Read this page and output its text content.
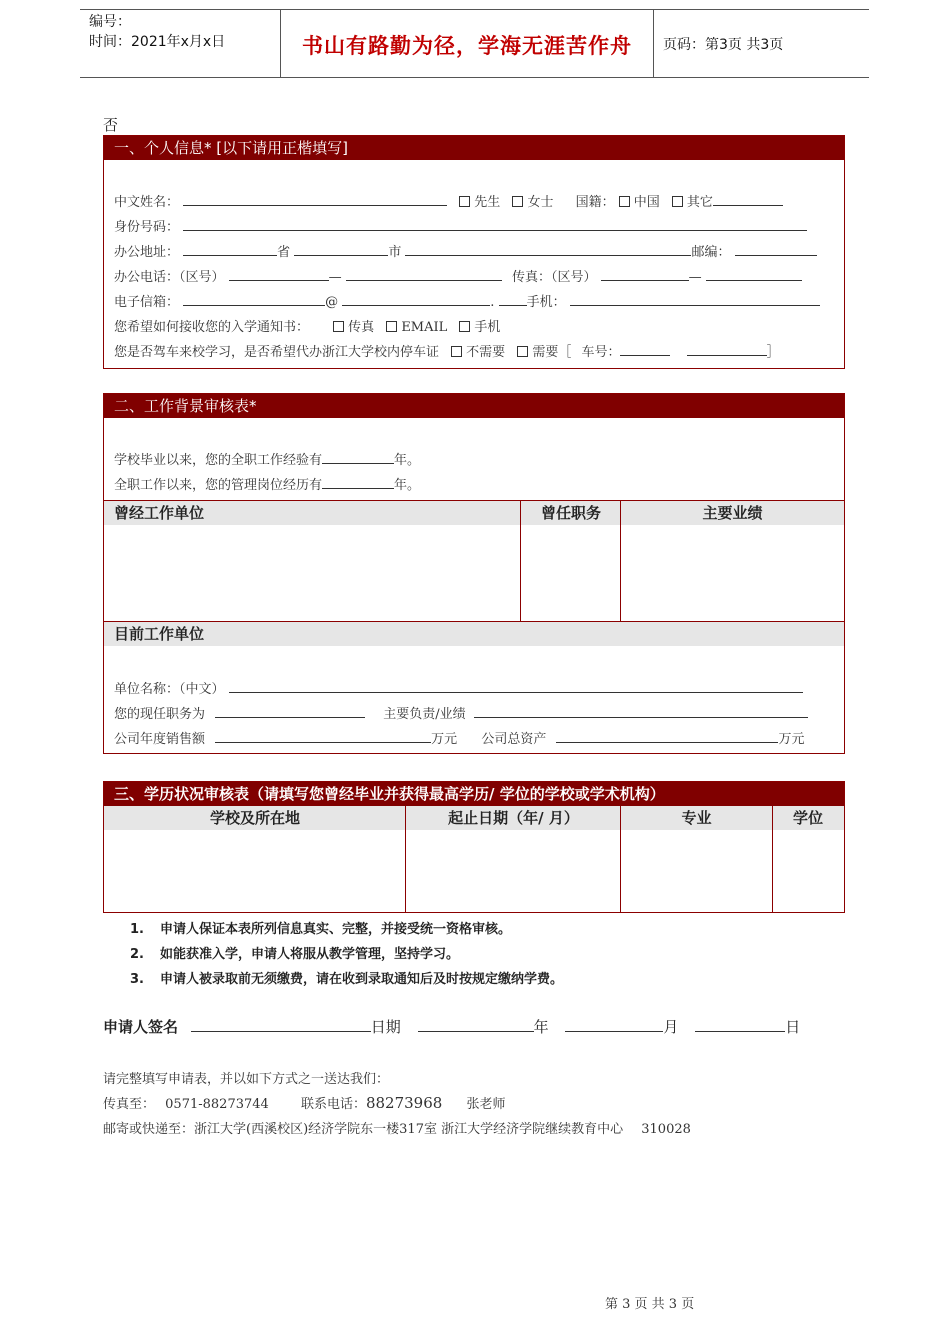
编号：
时间：2021年x月x日	书山有路勤为径，学海无涯苦作舟	页码：第3页 共3页
否
一、个人信息* [以下请用正楷填写]
中文姓名：	先生 女士 国籍： 中国 其它
身份号码：
办公地址：	省	市	邮编：
办公电话：（区号）	—	传真：（区号）	—
电子信箱：	@	. 手机：
您希望如何接收您的入学通知书：	传真 EMAIL 手机
您是否驾车来校学习，是否希望代办浙江大学校内停车证 不需要 需要［ 车号：	］
二、工作背景审核表*
学校毕业以来，您的全职工作经验有	年。
全职工作以来，您的管理岗位经历有	年。
曾经工作单位	曾任职务	主要业绩
目前工作单位
单位名称：（中文）
您的现任职务为	主要负责/业绩
公司年度销售额	万元 公司总资产	万元
三、学历状况审核表（请填写您曾经毕业并获得最高学历/ 学位的学校或学术机构）
学校及所在地	起止日期（年/ 月）	专业	学位
1. 申请人保证本表所列信息真实、完整，并接受统一资格审核。
2. 如能获准入学，申请人将服从教学管理，坚持学习。
3. 申请人被录取前无须缴费，请在收到录取通知后及时按规定缴纳学费。
申请人签名	日期	年	月	日
请完整填写申请表，并以如下方式之一送达我们：
传真至： 0571-88273744 联系电话：88273968 张老师
邮寄或快递至：浙江大学(西溪校区)经济学院东一楼317室 浙江大学经济学院继续教育中心 310028
第 3 页 共 3 页
